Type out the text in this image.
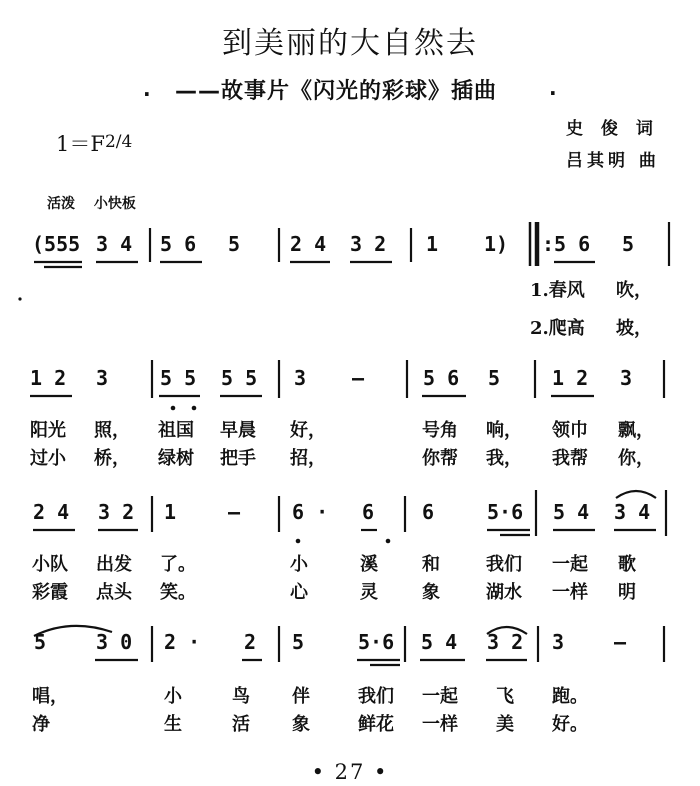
到美丽的大自然去
· ——故事片《闪光的彩球》插曲	.
1＝F2/4
史 俊 词
吕其明 曲
活泼 小快板
(555 3 4 5 6 5 2 4 3 2 1 1) :5 6 5
1.春风 吹，
2.爬高 坡，
1 2 3	5 5 5 5 3 —	5 6 5	1 2 3
阳光 照， 祖国 早晨 好，	号角 响， 领巾 飘，
过小 桥， 绿树 把手 招，	你帮 我， 我帮 你，
2 4 3 2 1	—	6 · 6 6	5·6 5 4 3 4
小队 出发 了。	小	溪 和	我们 一起 歌
彩霞 点头 笑。	心	灵 象	湖水 一样 明
5 3 0 2 · 2 5	5·6 5 4 3 2 3 —
唱，	小	鸟 伴	我们 一起 飞 跑。
净	生	活 象	鲜花 一样 美 好。
• 27 •
